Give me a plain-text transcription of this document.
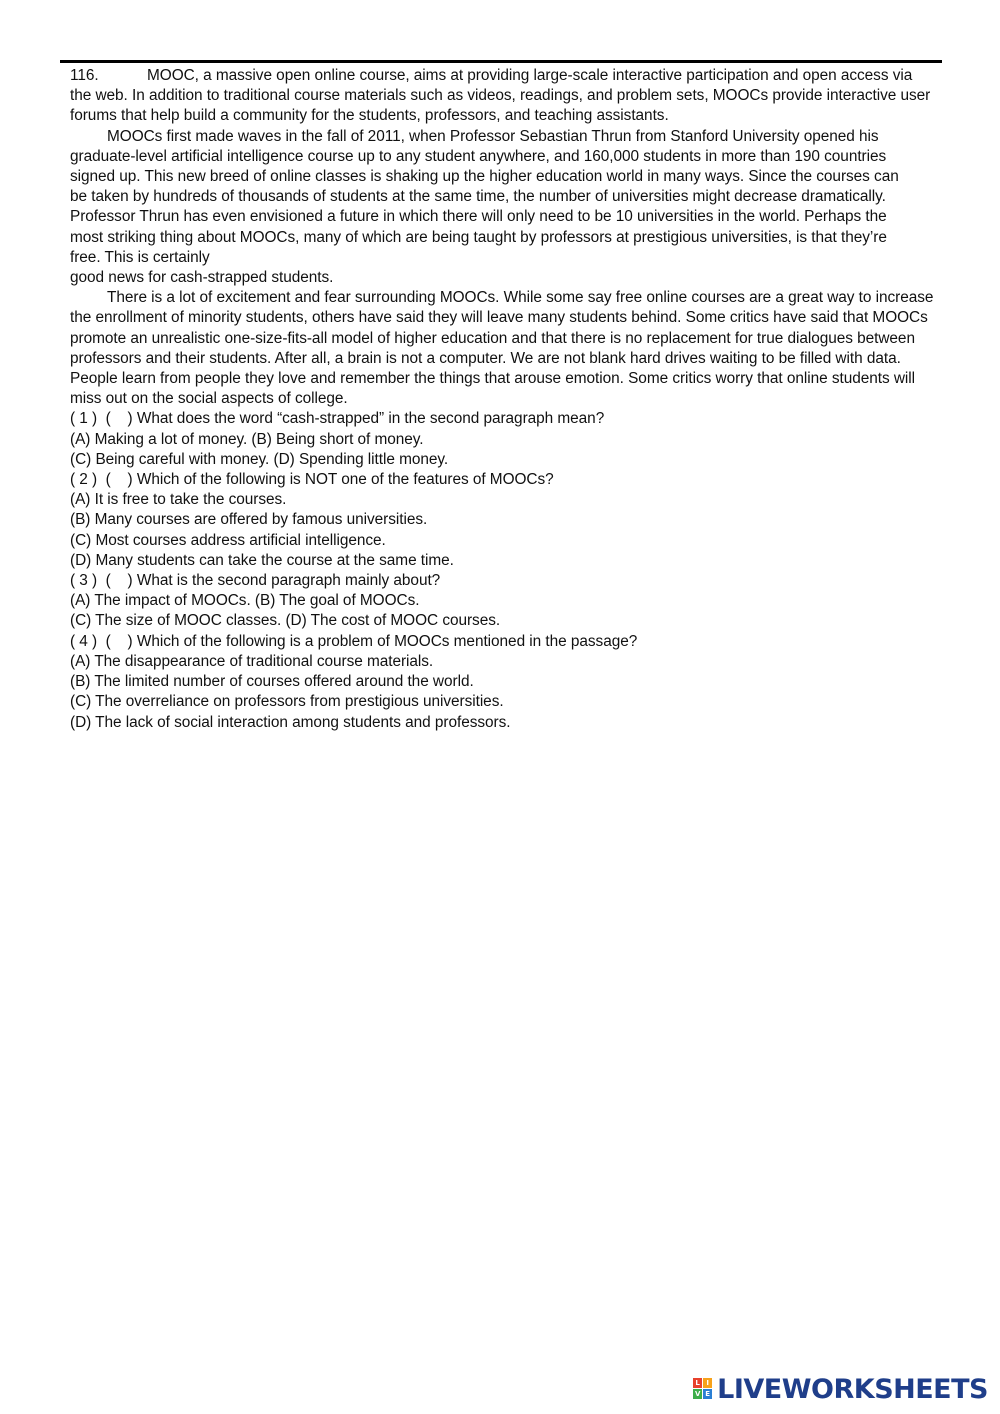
116.	MOOC, a massive open online course, aims at providing large-scale interactive participation and open access via the web. In addition to traditional course materials such as videos, readings, and problem sets, MOOCs provide interactive user forums that help build a community for the students, professors, and teaching assistants.

MOOCs first made waves in the fall of 2011, when Professor Sebastian Thrun from Stanford University opened his graduate-level artificial intelligence course up to any student anywhere, and 160,000 students in more than 190 countries signed up. This new breed of online classes is shaking up the higher education world in many ways. Since the courses can be taken by hundreds of thousands of students at the same time, the number of universities might decrease dramatically. Professor Thrun has even envisioned a future in which there will only need to be 10 universities in the world. Perhaps the most striking thing about MOOCs, many of which are being taught by professors at prestigious universities, is that they’re free. This is certainly

good news for cash-strapped students.

There is a lot of excitement and fear surrounding MOOCs. While some say free online courses are a great way to increase the enrollment of minority students, others have said they will leave many students behind. Some critics have said that MOOCs promote an unrealistic one-size-fits-all model of higher education and that there is no replacement for true dialogues between professors and their students. After all, a brain is not a computer. We are not blank hard drives waiting to be filled with data. People learn from people they love and remember the things that arouse emotion. Some critics worry that online students will miss out on the social aspects of college.

( 1 )  (    ) What does the word “cash-strapped” in the second paragraph mean?

(A) Making a lot of money. (B) Being short of money.

(C) Being careful with money. (D) Spending little money.

( 2 )  (    ) Which of the following is NOT one of the features of MOOCs?

(A) It is free to take the courses.

(B) Many courses are offered by famous universities.

(C) Most courses address artificial intelligence.

(D) Many students can take the course at the same time.

( 3 )  (    ) What is the second paragraph mainly about?

(A) The impact of MOOCs. (B) The goal of MOOCs.

(C) The size of MOOC classes. (D) The cost of MOOC courses.

( 4 )  (    ) Which of the following is a problem of MOOCs mentioned in the passage?

(A) The disappearance of traditional course materials.

(B) The limited number of courses offered around the world.

(C) The overreliance on professors from prestigious universities.

(D) The lack of social interaction among students and professors.

L I
V E LIVEWORKSHEETS
